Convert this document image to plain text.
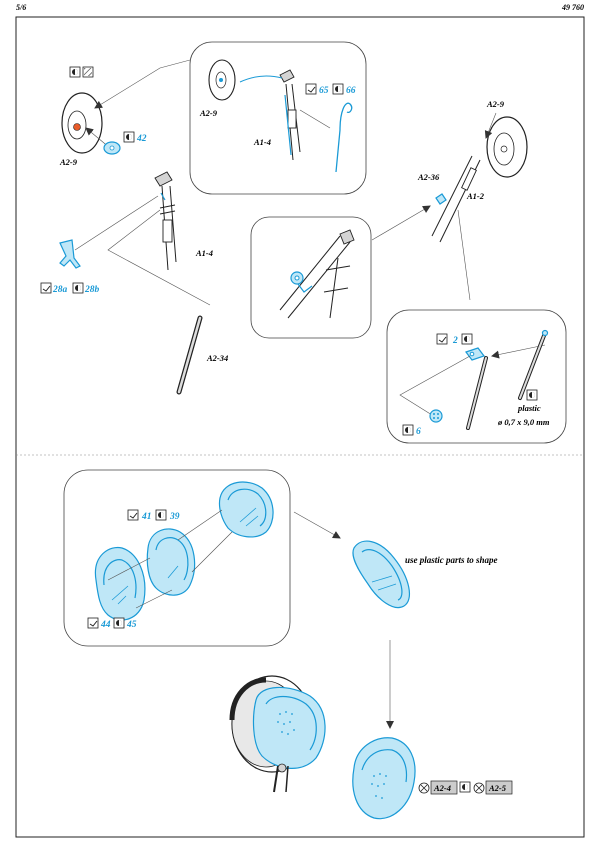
5/6	49 760
A2-9
42
A1-4
28a 28b
A2-34
A2-9
A1-4
65 66
A2-9
A2-36
A1-2
2
plastic
ø 0,7 x 9,0 mm
6
41 39
44 45
use plastic parts to shape
A2-4	A2-5
